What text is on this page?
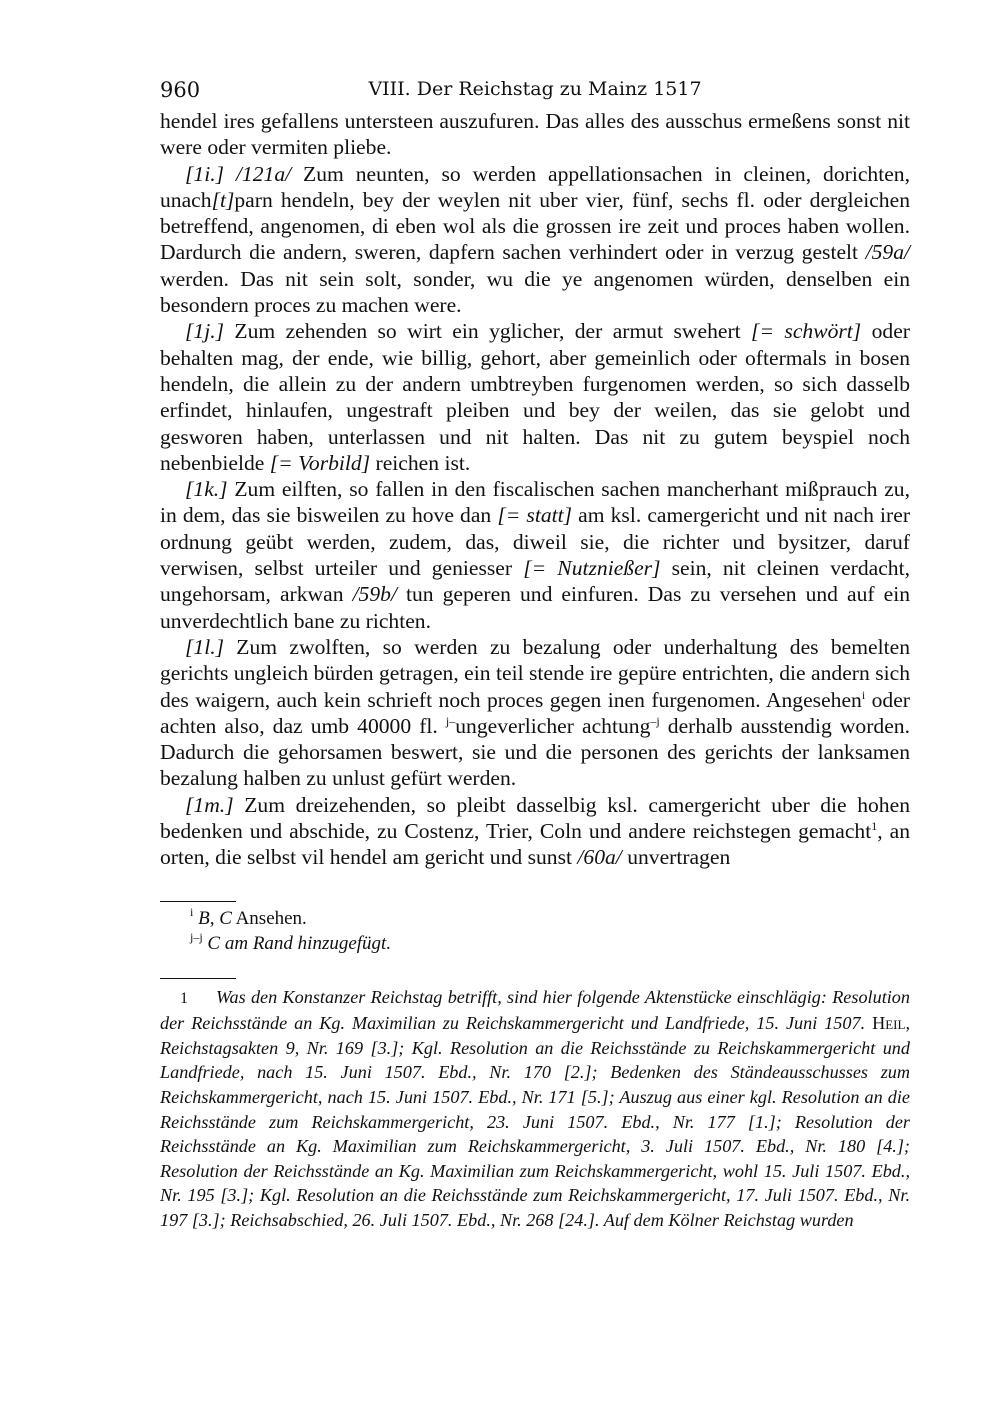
960	VIII. Der Reichstag zu Mainz 1517

hendel ires gefallens untersteen auszufuren. Das alles des ausschus ermeßens sonst nit were oder vermiten pliebe.

[1i.] /121a/ Zum neunten, so werden appellationsachen in cleinen, dorichten, unach[t]parn hendeln, bey der weylen nit uber vier, fünf, sechs fl. oder dergleichen betreffend, angenomen, di eben wol als die grossen ire zeit und proces haben wollen. Dardurch die andern, sweren, dapfern sachen verhindert oder in verzug gestelt /59a/ werden. Das nit sein solt, sonder, wu die ye angenomen würden, denselben ein besondern proces zu machen were.

[1j.] Zum zehenden so wirt ein yglicher, der armut swehert [= schwört] oder behalten mag, der ende, wie billig, gehort, aber gemeinlich oder oftermals in bosen hendeln, die allein zu der andern umbtreyben furgenomen werden, so sich dasselb erfindet, hinlaufen, ungestraft pleiben und bey der weilen, das sie gelobt und gesworen haben, unterlassen und nit halten. Das nit zu gutem beyspiel noch nebenbielde [= Vorbild] reichen ist.

[1k.] Zum eilften, so fallen in den fiscalischen sachen mancherhant mißprauch zu, in dem, das sie bisweilen zu hove dan [= statt] am ksl. camergericht und nit nach irer ordnung geübt werden, zudem, das, diweil sie, die richter und bysitzer, daruf verwisen, selbst urteiler und geniesser [= Nutznießer] sein, nit cleinen verdacht, ungehorsam, arkwan /59b/ tun geperen und einfuren. Das zu versehen und auf ein unverdechtlich bane zu richten.

[1l.] Zum zwolften, so werden zu bezalung oder underhaltung des bemelten gerichts ungleich bürden getragen, ein teil stende ire gepüre entrichten, die andern sich des waigern, auch kein schrieft noch proces gegen inen furgenomen. Angesehen$^i$ oder achten also, daz umb 40000 fl. $^{j-}$ungeverlicher achtung$^{-j}$ derhalb ausstendig worden. Dadurch die gehorsamen beswert, sie und die personen des gerichts der lanksamen bezalung halben zu unlust gefürt werden.

[1m.] Zum dreizehenden, so pleibt dasselbig ksl. camergericht uber die hohen bedenken und abschide, zu Costenz, Trier, Coln und andere reichstegen gemacht$^1$, an orten, die selbst vil hendel am gericht und sunst /60a/ unvertragen

$^i$ B, C Ansehen.
$^{j-j}$ C am Rand hinzugefügt.
1 Was den Konstanzer Reichstag betrifft, sind hier folgende Aktenstücke einschlägig: Resolution der Reichsstände an Kg. Maximilian zu Reichskammergericht und Landfriede, 15. Juni 1507. Heil, Reichstagsakten 9, Nr. 169 [3.]; Kgl. Resolution an die Reichsstände zu Reichskammergericht und Landfriede, nach 15. Juni 1507. Ebd., Nr. 170 [2.]; Bedenken des Ständeausschusses zum Reichskammergericht, nach 15. Juni 1507. Ebd., Nr. 171 [5.]; Auszug aus einer kgl. Resolution an die Reichsstände zum Reichskammergericht, 23. Juni 1507. Ebd., Nr. 177 [1.]; Resolution der Reichsstände an Kg. Maximilian zum Reichskammergericht, 3. Juli 1507. Ebd., Nr. 180 [4.]; Resolution der Reichsstände an Kg. Maximilian zum Reichskammergericht, wohl 15. Juli 1507. Ebd., Nr. 195 [3.]; Kgl. Resolution an die Reichsstände zum Reichskammergericht, 17. Juli 1507. Ebd., Nr. 197 [3.]; Reichsabschied, 26. Juli 1507. Ebd., Nr. 268 [24.]. Auf dem Kölner Reichstag wurden
